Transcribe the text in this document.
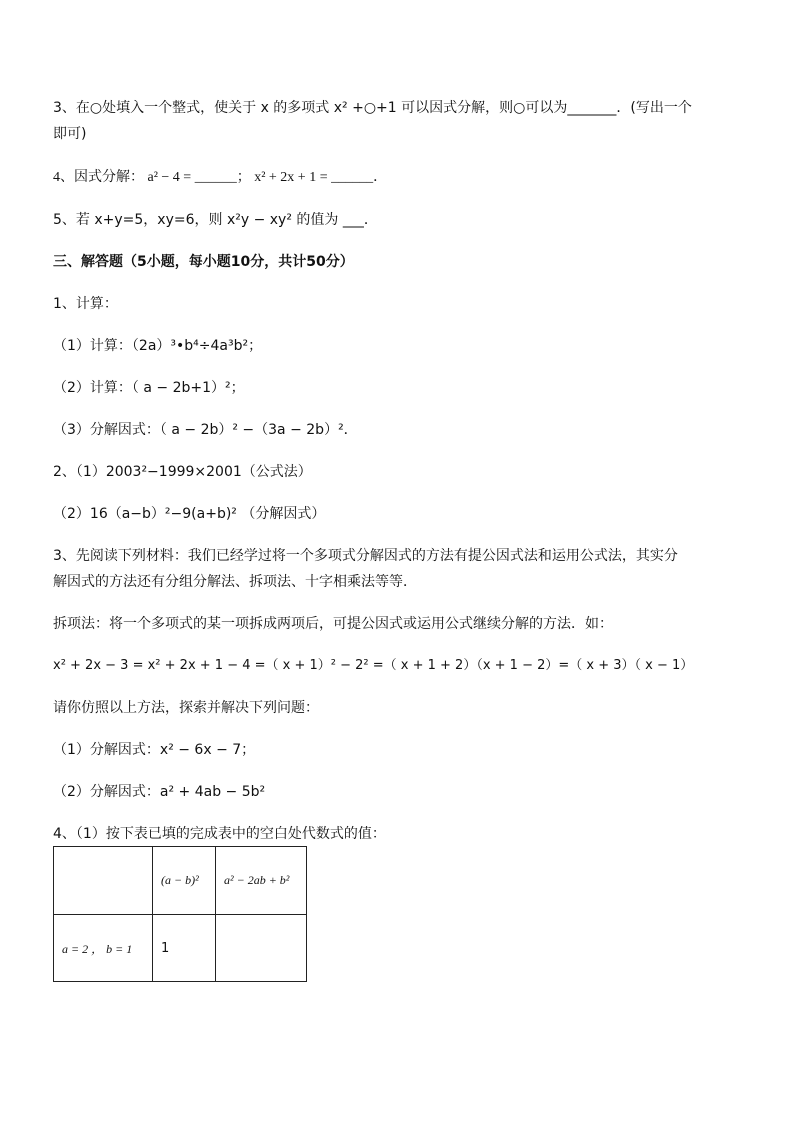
3、在○处填入一个整式，使关于 x 的多项式 x² +○+1 可以因式分解，则○可以为_______．(写出一个
即可)
4、因式分解： a² − 4 = ______； x² + 2x + 1 = ______．
5、若 x+y=5，xy=6，则 x²y − xy² 的值为 ___．
三、解答题（5小题，每小题10分，共计50分）
1、计算：
（1）计算：（2a）³•b⁴÷4a³b²；
（2）计算：（ a − 2b+1）²；
（3）分解因式：（ a − 2b）² −（3a − 2b）²．
2、（1）2003²−1999×2001（公式法）
（2）16（a−b）²−9(a+b)² （分解因式）
3、先阅读下列材料：我们已经学过将一个多项式分解因式的方法有提公因式法和运用公式法，其实分
解因式的方法还有分组分解法、拆项法、十字相乘法等等．
拆项法：将一个多项式的某一项拆成两项后，可提公因式或运用公式继续分解的方法．如：
x² + 2x − 3 = x² + 2x + 1 − 4 =（ x + 1）² − 2² =（ x + 1 + 2）（x + 1 − 2）=（ x + 3）（ x − 1）
请你仿照以上方法，探索并解决下列问题：
（1）分解因式：x² − 6x − 7；
（2）分解因式：a² + 4ab − 5b²
4、（1）按下表已填的完成表中的空白处代数式的值：
	(a − b)²	a² − 2ab + b²
a = 2 ， b = 1	1	
